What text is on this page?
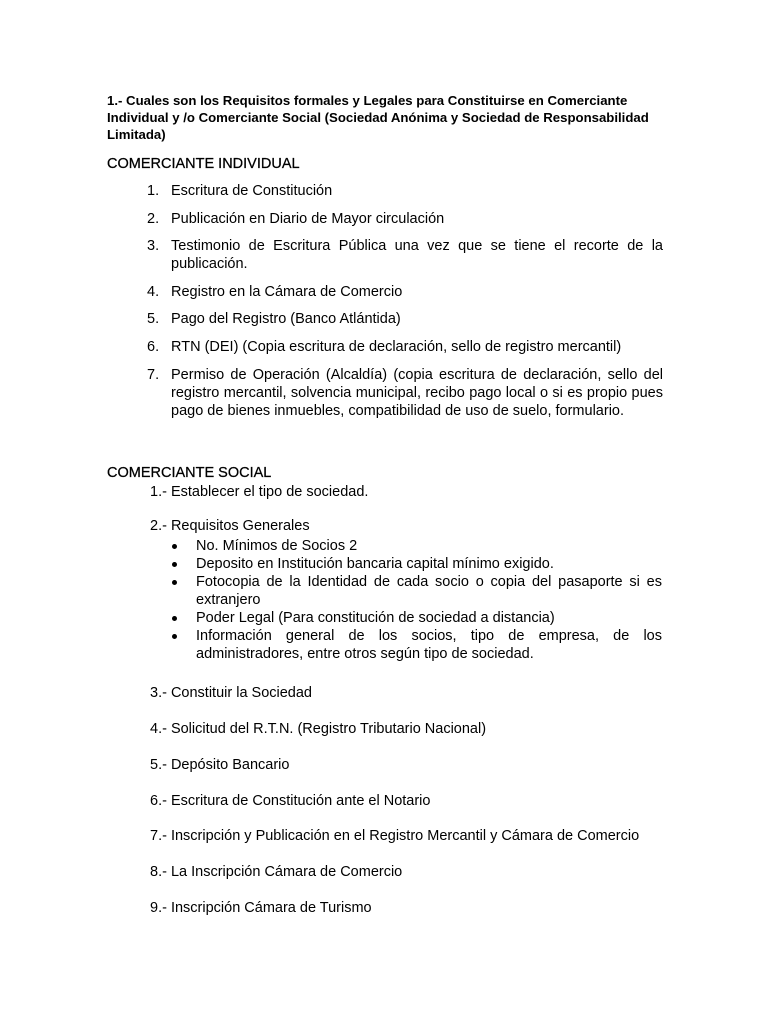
1.- Cuales son los Requisitos formales y Legales para Constituirse en Comerciante Individual y /o Comerciante Social (Sociedad Anónima y Sociedad de Responsabilidad Limitada)
COMERCIANTE INDIVIDUAL
1. Escritura de Constitución
2. Publicación en Diario de Mayor circulación
3. Testimonio de Escritura Pública una vez que se tiene el recorte de la publicación.
4. Registro en la Cámara de Comercio
5. Pago del Registro (Banco Atlántida)
6. RTN (DEI) (Copia escritura de declaración, sello de registro mercantil)
7. Permiso de Operación (Alcaldía) (copia escritura de declaración, sello del registro mercantil, solvencia municipal, recibo pago local o si es propio pues pago de bienes inmuebles, compatibilidad de uso de suelo, formulario.
COMERCIANTE SOCIAL
1.- Establecer el tipo de sociedad.
2.- Requisitos Generales
No. Mínimos de Socios 2
Deposito en Institución bancaria capital mínimo exigido.
Fotocopia de la Identidad de cada socio o copia del pasaporte si es extranjero
Poder Legal (Para constitución de sociedad a distancia)
Información general de los socios, tipo de empresa, de los administradores, entre otros según tipo de sociedad.
3.- Constituir la Sociedad
4.- Solicitud del R.T.N. (Registro Tributario Nacional)
5.- Depósito Bancario
6.- Escritura de Constitución ante el Notario
7.- Inscripción y Publicación en el Registro Mercantil y Cámara de Comercio
8.- La Inscripción Cámara de Comercio
9.- Inscripción Cámara de Turismo
